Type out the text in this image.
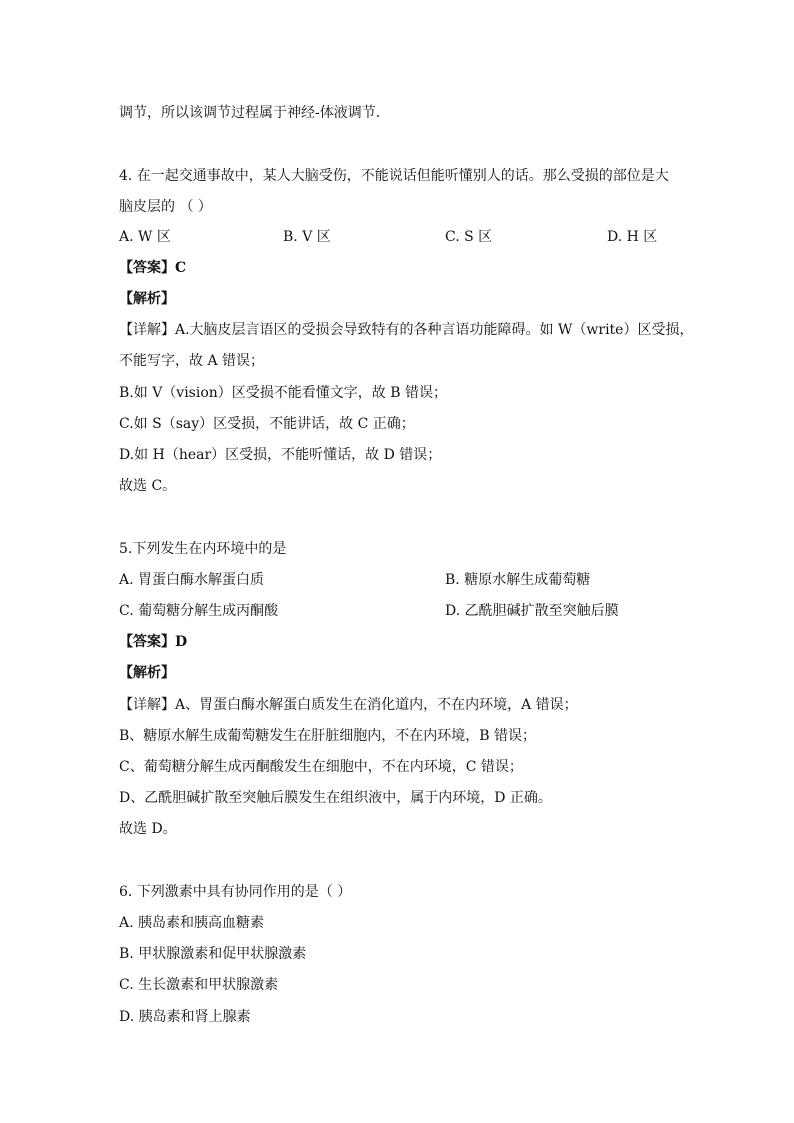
调节，所以该调节过程属于神经-体液调节．
4. 在一起交通事故中，某人大脑受伤，不能说话但能听懂别人的话。那么受损的部位是大
脑皮层的 （ ）
A. W 区	B. V 区	C. S 区	D. H 区
【答案】C
【解析】
【详解】A.大脑皮层言语区的受损会导致特有的各种言语功能障碍。如 W（write）区受损，
不能写字，故 A 错误；
B.如 V（vision）区受损不能看懂文字，故 B 错误；
C.如 S（say）区受损，不能讲话，故 C 正确；
D.如 H（hear）区受损，不能听懂话，故 D 错误；
故选 C。
5.下列发生在内环境中的是
A. 胃蛋白酶水解蛋白质	B. 糖原水解生成葡萄糖
C. 葡萄糖分解生成丙酮酸	D. 乙酰胆碱扩散至突触后膜
【答案】D
【解析】
【详解】A、胃蛋白酶水解蛋白质发生在消化道内，不在内环境，A 错误；
B、糖原水解生成葡萄糖发生在肝脏细胞内，不在内环境，B 错误；
C、葡萄糖分解生成丙酮酸发生在细胞中，不在内环境，C 错误；
D、乙酰胆碱扩散至突触后膜发生在组织液中，属于内环境，D 正确。
故选 D。
6. 下列激素中具有协同作用的是（ ）
A. 胰岛素和胰高血糖素
B. 甲状腺激素和促甲状腺激素
C. 生长激素和甲状腺激素
D. 胰岛素和肾上腺素
